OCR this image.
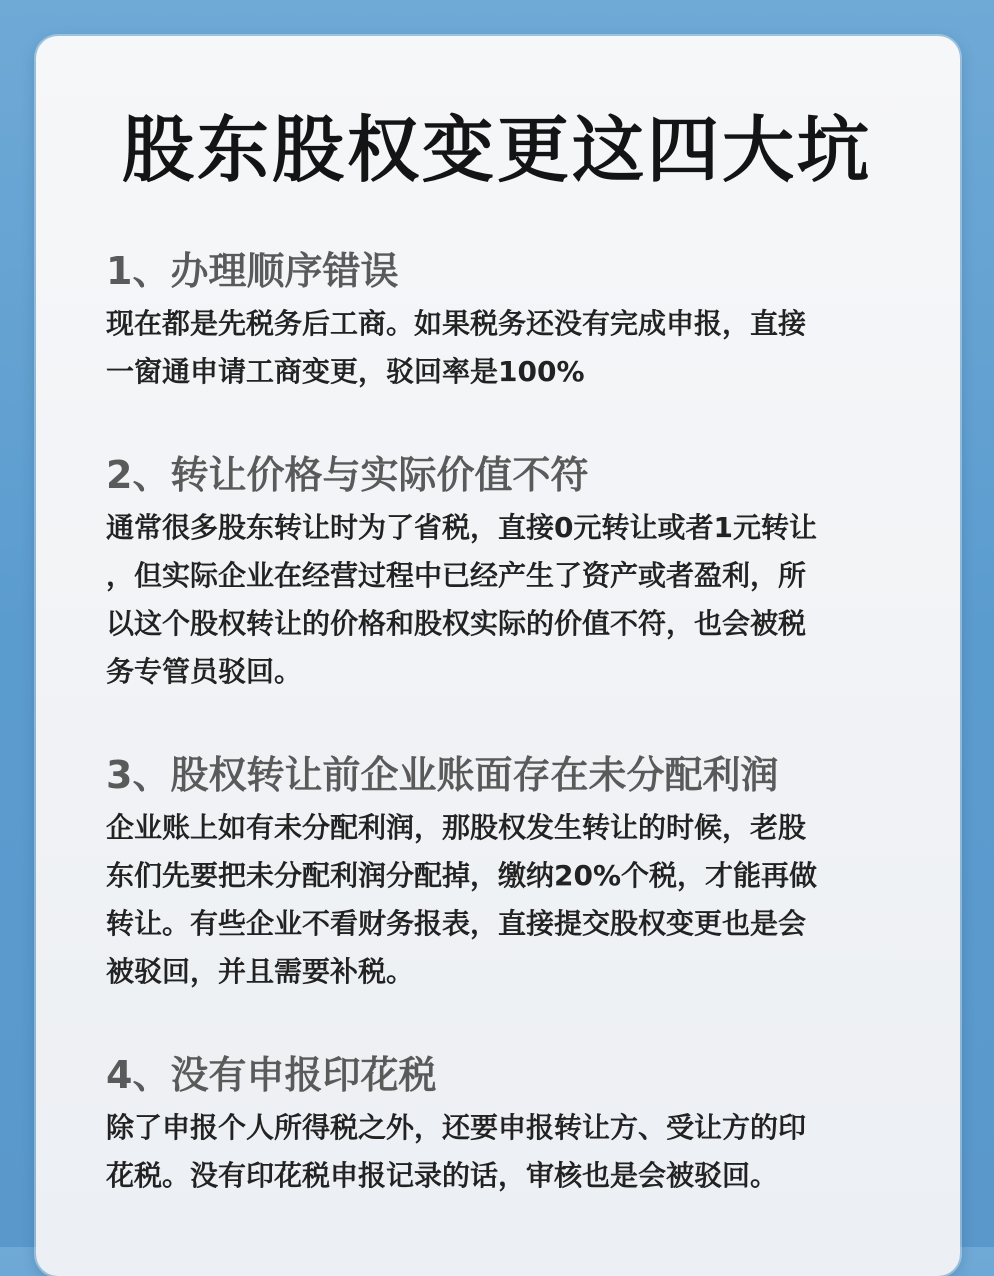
股东股权变更这四大坑
1、办理顺序错误

现在都是先税务后工商。如果税务还没有完成申报，直接
一窗通申请工商变更，驳回率是100%

2、转让价格与实际价值不符

通常很多股东转让时为了省税，直接0元转让或者1元转让
，但实际企业在经营过程中已经产生了资产或者盈利，所
以这个股权转让的价格和股权实际的价值不符，也会被税
务专管员驳回。

3、股权转让前企业账面存在未分配利润

企业账上如有未分配利润，那股权发生转让的时候，老股
东们先要把未分配利润分配掉，缴纳20%个税，才能再做
转让。有些企业不看财务报表，直接提交股权变更也是会
被驳回，并且需要补税。

4、没有申报印花税

除了申报个人所得税之外，还要申报转让方、受让方的印
花税。没有印花税申报记录的话，审核也是会被驳回。
